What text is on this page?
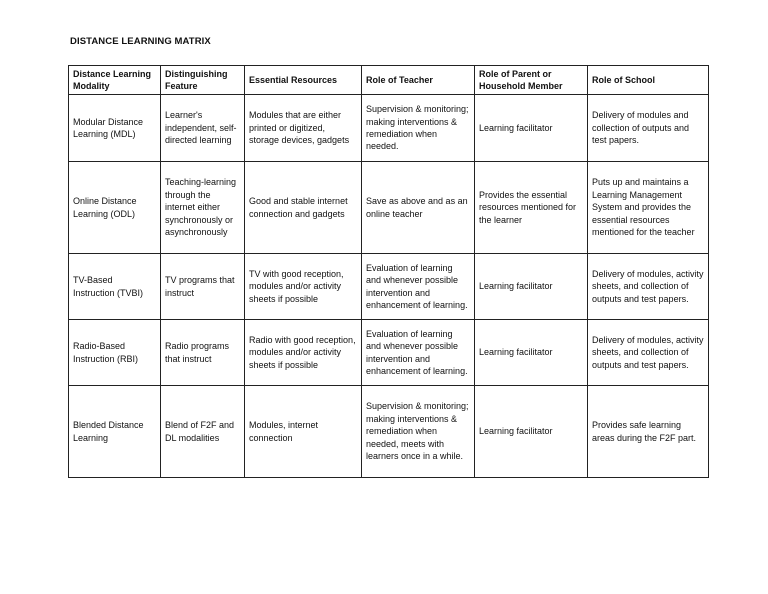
DISTANCE LEARNING MATRIX
Distance Learning Modality	Distinguishing Feature	Essential Resources	Role of Teacher	Role of Parent or Household Member	Role of School
Modular Distance Learning (MDL)	Learner's independent, self-directed learning	Modules that are either printed or digitized, storage devices, gadgets	Supervision & monitoring; making interventions & remediation when needed.	Learning facilitator	Delivery of modules and collection of outputs and test papers.
Online Distance Learning (ODL)	Teaching-learning through the internet either synchronously or asynchronously	Good and stable internet connection and gadgets	Save as above and as an online teacher	Provides the essential resources mentioned for the learner	Puts up and maintains a Learning Management System and provides the essential resources mentioned for the teacher
TV-Based Instruction (TVBI)	TV programs that instruct	TV with good reception, modules and/or activity sheets if possible	Evaluation of learning and whenever possible intervention and enhancement of learning.	Learning facilitator	Delivery of modules, activity sheets, and collection of outputs and test papers.
Radio-Based Instruction (RBI)	Radio programs that instruct	Radio with good reception, modules and/or activity sheets if possible	Evaluation of learning and whenever possible intervention and enhancement of learning.	Learning facilitator	Delivery of modules, activity sheets, and collection of outputs and test papers.
Blended Distance Learning	Blend of F2F and DL modalities	Modules, internet connection	Supervision & monitoring; making interventions & remediation when needed, meets with learners once in a while.	Learning facilitator	Provides safe learning areas during the F2F part.
